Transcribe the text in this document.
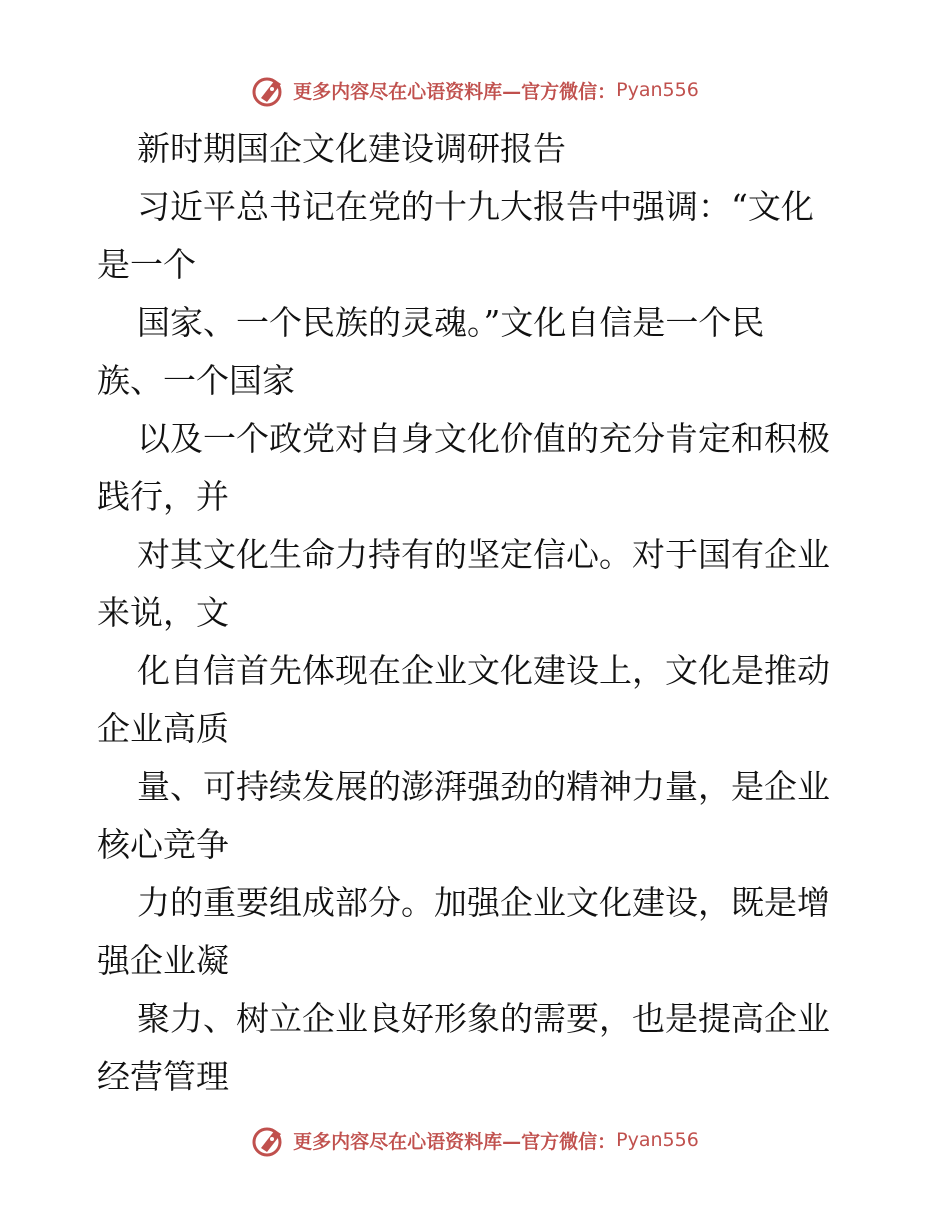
更多内容尽在心语资料库—官方微信： Pyan556
新时期国企文化建设调研报告
习近平总书记在党的十九大报告中强调：“文化
是一个
国家、一个民族的灵魂。”文化自信是一个民
族、一个国家
以及一个政党对自身文化价值的充分肯定和积极
践行，并
对其文化生命力持有的坚定信心。对于国有企业
来说，文
化自信首先体现在企业文化建设上，文化是推动
企业高质
量、可持续发展的澎湃强劲的精神力量，是企业
核心竞争
力的重要组成部分。加强企业文化建设，既是增
强企业凝
聚力、树立企业良好形象的需要，也是提高企业
经营管理
更多内容尽在心语资料库—官方微信： Pyan556
